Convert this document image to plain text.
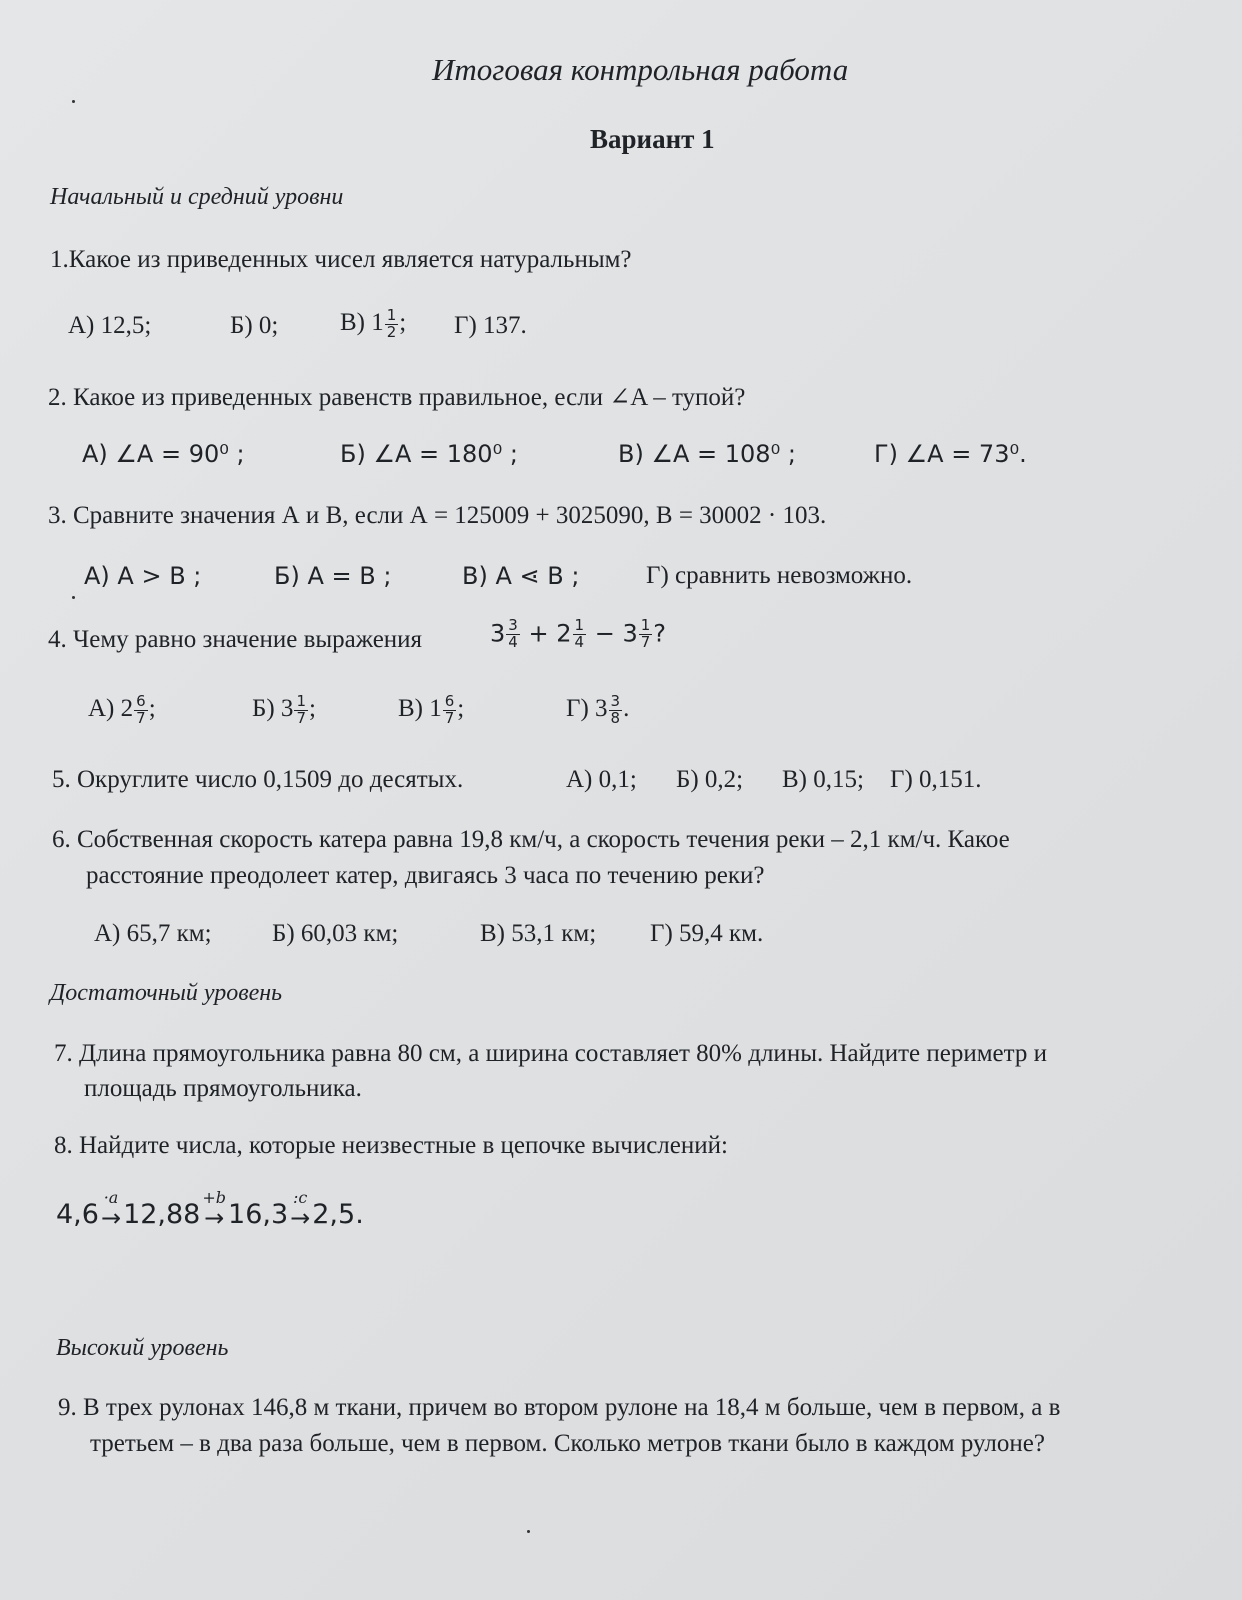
Итоговая контрольная работа
Вариант 1
Начальный и средний уровни
1.Какое из приведенных чисел является натуральным?
А) 12,5;	Б) 0; В) $1 \frac{1}{2}$ ; Г) 137.
2. Какое из приведенных равенств правильное, если ∠A – тупой?
А) ∠A = 90⁰ ;	Б) ∠A = 180⁰ ;	В) ∠A = 108⁰ ;	Г) ∠A = 73⁰.
3. Сравните значения А и В, если А = 125009 + 3025090, В = 30002 · 103.
А) A > B ;	Б) A = B ;	В) A ⋖ B ;	Г) сравнить невозможно.
4. Чему равно значение выражения	$3 \frac{3}{4} + 2 \frac{1}{4} - 3 \frac{1}{7}$ ?
А) $2 \frac{6}{7}$ ;	Б) $3 \frac{1}{7}$ ;	В) $1 \frac{6}{7}$ ;	Г) $3 \frac{3}{8}$ .
5. Округлите число 0,1509 до десятых.	А) 0,1; Б) 0,2; В) 0,15; Г) 0,151.
6. Собственная скорость катера равна 19,8 км/ч, а скорость течения реки – 2,1 км/ч. Какое
расстояние преодолеет катер, двигаясь 3 часа по течению реки?
А) 65,7 км; Б) 60,03 км;	В) 53,1 км; Г) 59,4 км.
Достаточный уровень
7. Длина прямоугольника равна 80 см, а ширина составляет 80% длины. Найдите периметр и
площадь прямоугольника.
8. Найдите числа, которые неизвестные в цепочке вычислений:
4,6
·a
→ 12,88
+b
→ 16,3
:c
→ 2,5.
Высокий уровень
9. В трех рулонах 146,8 м ткани, причем во втором рулоне на 18,4 м больше, чем в первом, а в
третьем – в два раза больше, чем в первом. Сколько метров ткани было в каждом рулоне?
